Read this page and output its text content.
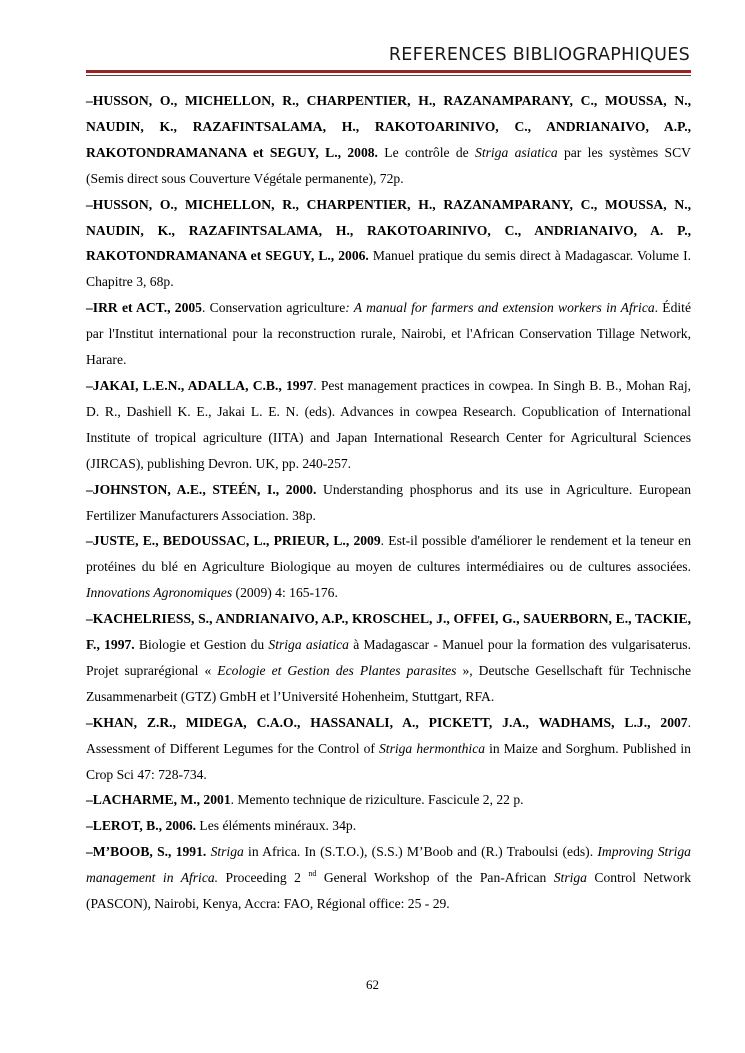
REFERENCES BIBLIOGRAPHIQUES

–HUSSON, O., MICHELLON, R., CHARPENTIER, H., RAZANAMPARANY, C., MOUSSA, N., NAUDIN, K., RAZAFINTSALAMA, H., RAKOTOARINIVO, C., ANDRIANAIVO, A.P., RAKOTONDRAMANANA et SEGUY, L., 2008. Le contrôle de Striga asiatica par les systèmes SCV (Semis direct sous Couverture Végétale permanente), 72p.

–HUSSON, O., MICHELLON, R., CHARPENTIER, H., RAZANAMPARANY, C., MOUSSA, N., NAUDIN, K., RAZAFINTSALAMA, H., RAKOTOARINIVO, C., ANDRIANAIVO, A. P., RAKOTONDRAMANANA et SEGUY, L., 2006. Manuel pratique du semis direct à Madagascar. Volume I. Chapitre 3, 68p.

–IRR et ACT., 2005. Conservation agriculture: A manual for farmers and extension workers in Africa. Édité par l'Institut international pour la reconstruction rurale, Nairobi, et l'African Conservation Tillage Network, Harare.

–JAKAI, L.E.N., ADALLA, C.B., 1997. Pest management practices in cowpea. In Singh B. B., Mohan Raj, D. R., Dashiell K. E., Jakai L. E. N. (eds). Advances in cowpea Research. Copublication of International Institute of tropical agriculture (IITA) and Japan International Research Center for Agricultural Sciences (JIRCAS), publishing Devron. UK, pp. 240-257.

–JOHNSTON, A.E., STEÉN, I., 2000. Understanding phosphorus and its use in Agriculture. European Fertilizer Manufacturers Association. 38p.

–JUSTE, E., BEDOUSSAC, L., PRIEUR, L., 2009. Est-il possible d'améliorer le rendement et la teneur en protéines du blé en Agriculture Biologique au moyen de cultures intermédiaires ou de cultures associées. Innovations Agronomiques (2009) 4: 165-176.

–KACHELRIESS, S., ANDRIANAIVO, A.P., KROSCHEL, J., OFFEI, G., SAUERBORN, E., TACKIE, F., 1997. Biologie et Gestion du Striga asiatica à Madagascar - Manuel pour la formation des vulgarisaterus. Projet suprarégional « Ecologie et Gestion des Plantes parasites », Deutsche Gesellschaft für Technische Zusammenarbeit (GTZ) GmbH et l’Université Hohenheim, Stuttgart, RFA.

–KHAN, Z.R., MIDEGA, C.A.O., HASSANALI, A., PICKETT, J.A., WADHAMS, L.J., 2007. Assessment of Different Legumes for the Control of Striga hermonthica in Maize and Sorghum. Published in Crop Sci 47: 728-734.

–LACHARME, M., 2001. Memento technique de riziculture. Fascicule 2, 22 p.

–LEROT, B., 2006. Les éléments minéraux. 34p.

–M’BOOB, S., 1991. Striga in Africa. In (S.T.O.), (S.S.) M’Boob and (R.) Traboulsi (eds). Improving Striga management in Africa. Proceeding 2 $^{nd}$ General Workshop of the Pan-African Striga Control Network (PASCON), Nairobi, Kenya, Accra: FAO, Régional office: 25 - 29.

62
